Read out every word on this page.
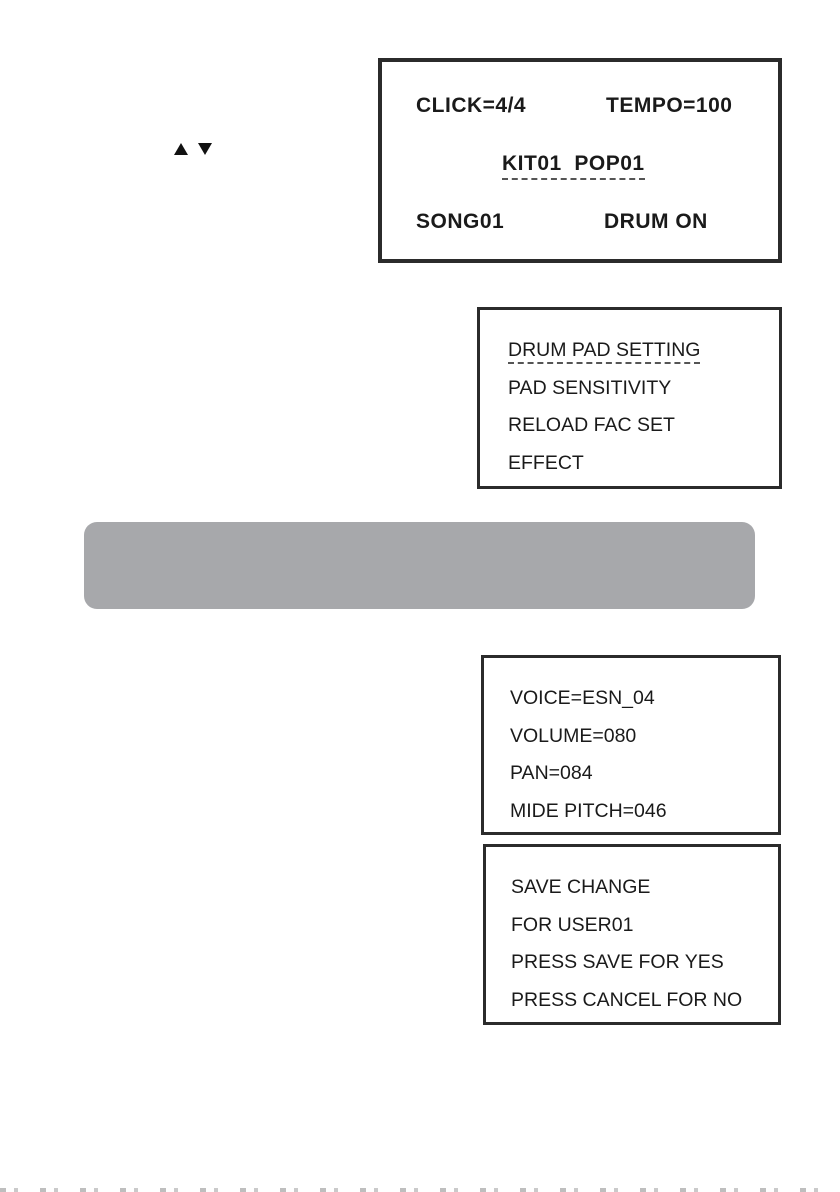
CLICK=4/4	TEMPO=100
KIT01  POP01
SONG01	DRUM ON
DRUM PAD SETTING
PAD SENSITIVITY
RELOAD FAC SET
EFFECT
VOICE=ESN_04
VOLUME=080
PAN=084
MIDE PITCH=046
SAVE CHANGE
FOR USER01
PRESS SAVE FOR YES
PRESS CANCEL FOR NO
